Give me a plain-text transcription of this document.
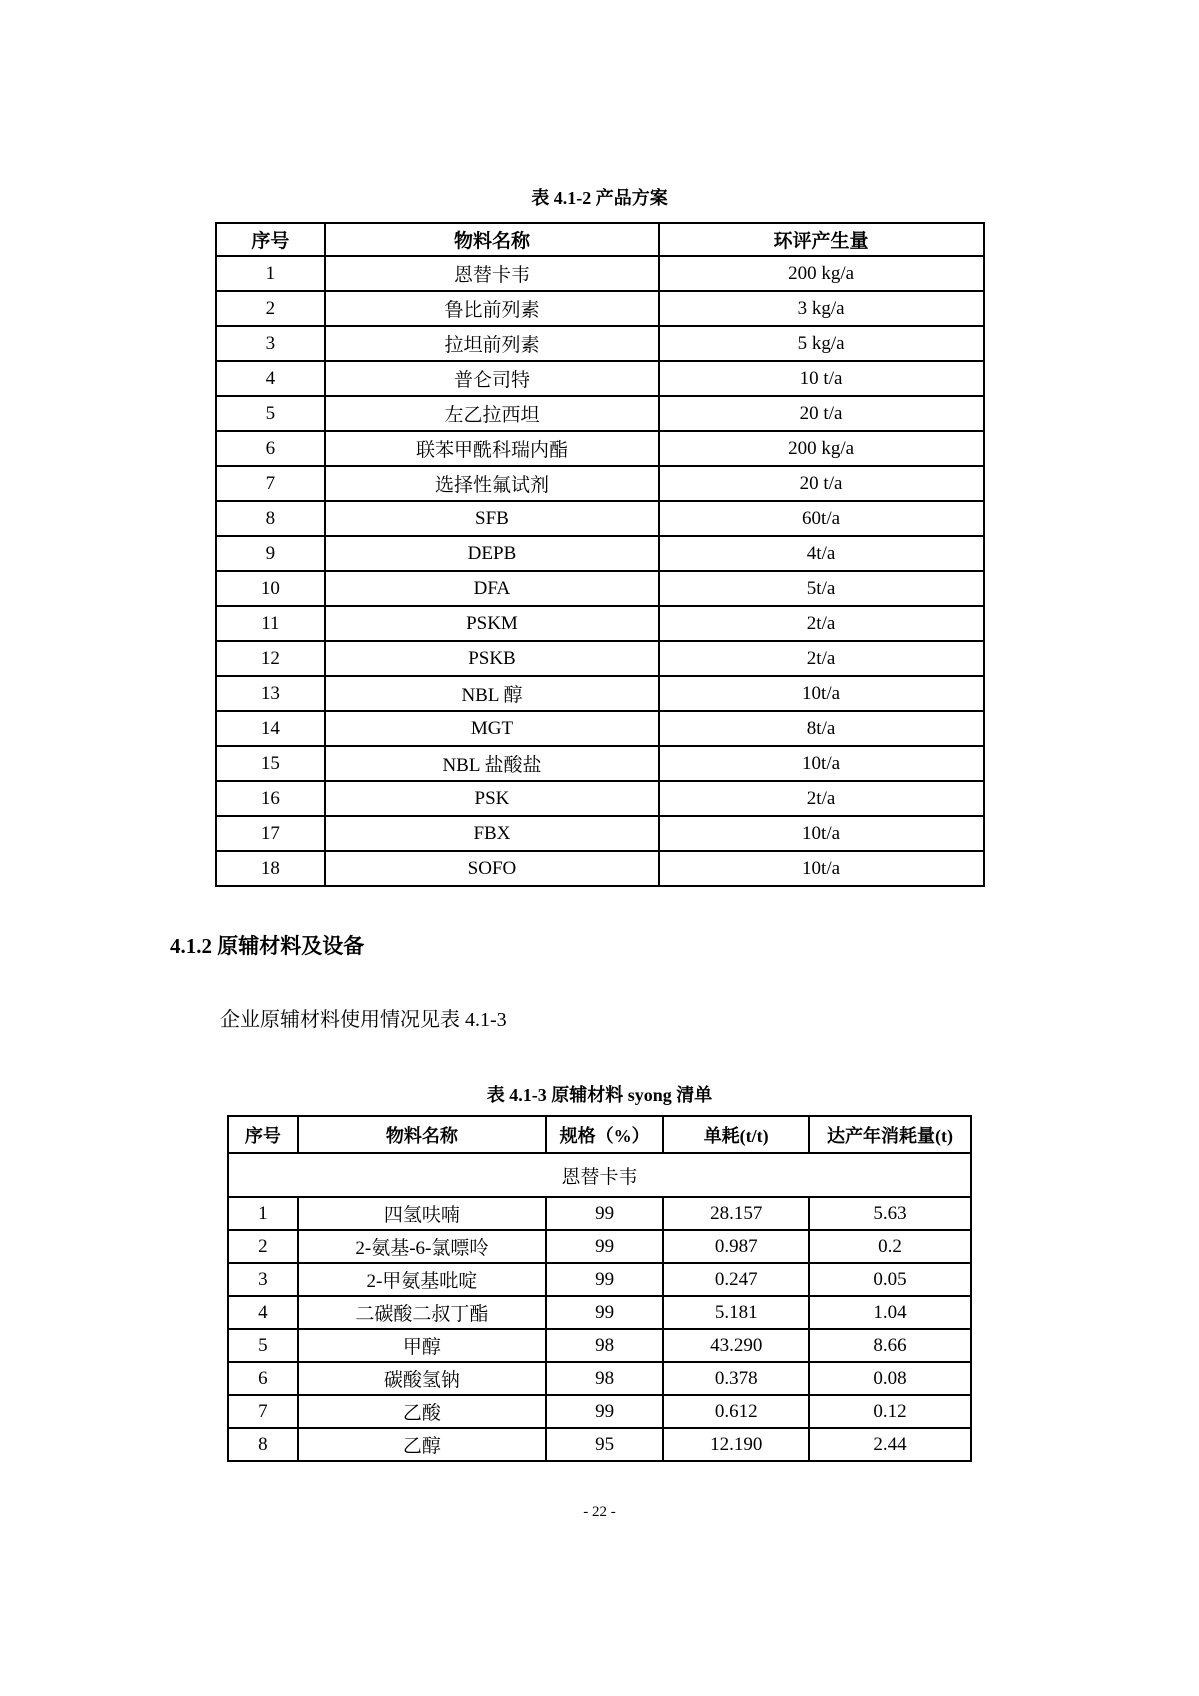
表 4.1-2 产品方案
序号	物料名称	环评产生量
1	恩替卡韦	200 kg/a
2	鲁比前列素	3 kg/a
3	拉坦前列素	5 kg/a
4	普仑司特	10 t/a
5	左乙拉西坦	20 t/a
6	联苯甲酰科瑞内酯	200 kg/a
7	选择性氟试剂	20 t/a
8	SFB	60t/a
9	DEPB	4t/a
10	DFA	5t/a
11	PSKM	2t/a
12	PSKB	2t/a
13	NBL 醇	10t/a
14	MGT	8t/a
15	NBL 盐酸盐	10t/a
16	PSK	2t/a
17	FBX	10t/a
18	SOFO	10t/a
4.1.2 原辅材料及设备
企业原辅材料使用情况见表 4.1-3
表 4.1-3 原辅材料 syong 清单
序号	物料名称	规格（%）	单耗(t/t)	达产年消耗量(t)
恩替卡韦				
1	四氢呋喃	99	28.157	5.63
2	2-氨基-6-氯嘌呤	99	0.987	0.2
3	2-甲氨基吡啶	99	0.247	0.05
4	二碳酸二叔丁酯	99	5.181	1.04
5	甲醇	98	43.290	8.66
6	碳酸氢钠	98	0.378	0.08
7	乙酸	99	0.612	0.12
8	乙醇	95	12.190	2.44
- 22 -
